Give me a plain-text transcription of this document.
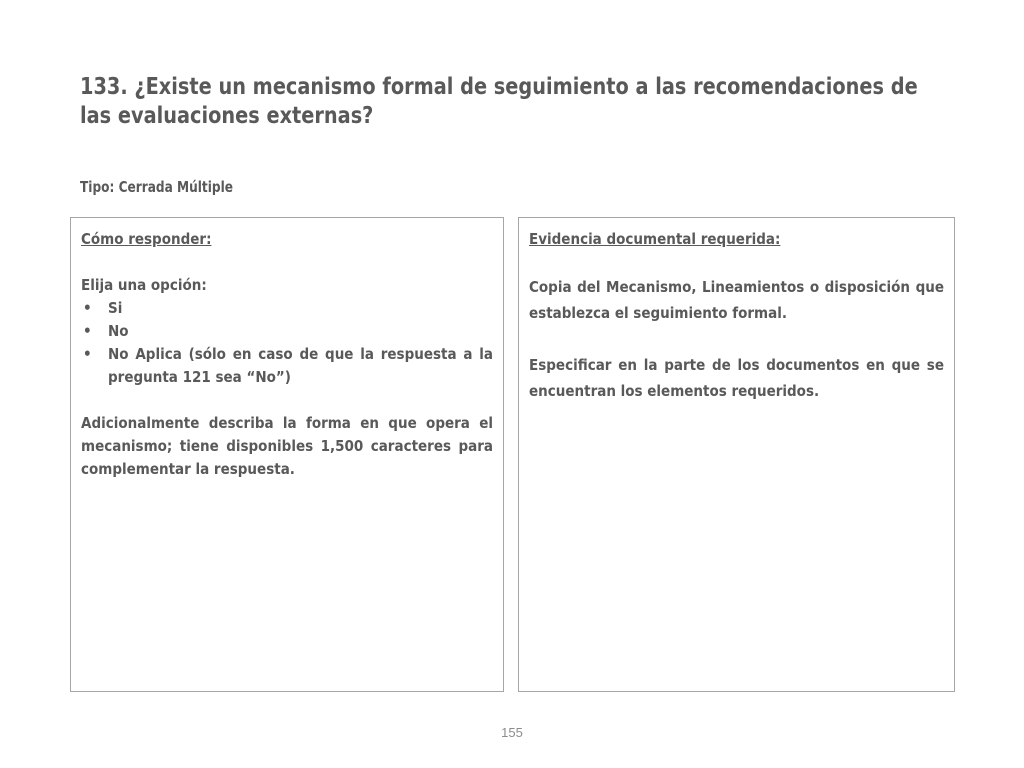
133. ¿Existe un mecanismo formal de seguimiento a las recomendaciones de las evaluaciones externas?
Tipo: Cerrada Múltiple
Cómo responder:

Elija una opción:

• Si
• No
• No Aplica (sólo en caso de que la respuesta a la pregunta 121 sea “No”)

Adicionalmente describa la forma en que opera el mecanismo; tiene disponibles 1,500 caracteres para complementar la respuesta.

Evidencia documental requerida:

Copia del Mecanismo, Lineamientos o disposición que establezca el seguimiento formal.

Especificar en la parte de los documentos en que se encuentran los elementos requeridos.

155
